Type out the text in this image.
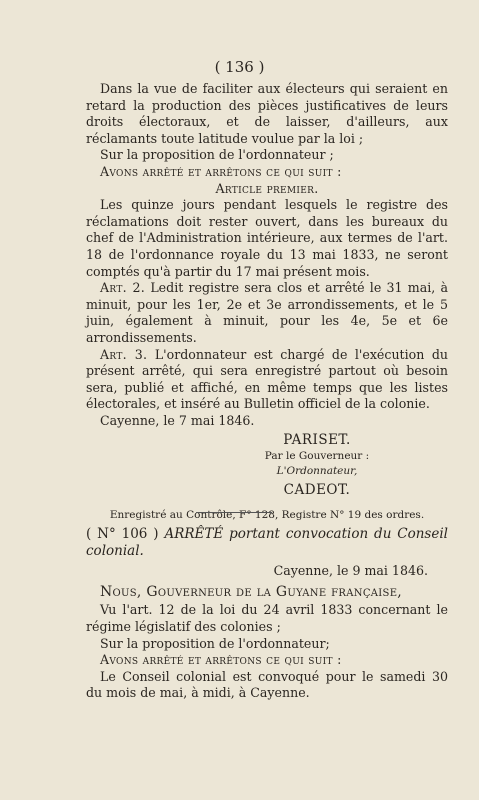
( 136 )

Dans la vue de faciliter aux électeurs qui seraient en retard la production des pièces justificatives de leurs droits électoraux, et de laisser, d'ailleurs, aux réclamants toute latitude voulue par la loi ;

Sur la proposition de l'ordonnateur ;

Avons arrêté et arrêtons ce qui suit :

Article premier.

Les quinze jours pendant lesquels le registre des réclamations doit rester ouvert, dans les bureaux du chef de l'Administration intérieure, aux termes de l'art. 18 de l'ordonnance royale du 13 mai 1833, ne seront comptés qu'à partir du 17 mai présent mois.

Art. 2. Ledit registre sera clos et arrêté le 31 mai, à minuit, pour les 1er, 2e et 3e arrondissements, et le 5 juin, également à minuit, pour les 4e, 5e et 6e arrondissements.

Art. 3. L'ordonnateur est chargé de l'exécution du présent arrêté, qui sera enregistré partout où besoin sera, publié et affiché, en même temps que les listes électorales, et inséré au Bulletin officiel de la colonie.

Cayenne, le 7 mai 1846.

PARISET.
Par le Gouverneur :
L'Ordonnateur,
CADEOT.
Enregistré au Contrôle, F° 128, Registre N° 19 des ordres.

( N° 106 ) ARRÊTÉ portant convocation du Conseil colonial.

Cayenne, le 9 mai 1846.

Nous, Gouverneur de la Guyane française,

Vu l'art. 12 de la loi du 24 avril 1833 concernant le régime législatif des colonies ;

Sur la proposition de l'ordonnateur;

Avons arrêté et arrêtons ce qui suit :

Le Conseil colonial est convoqué pour le samedi 30 du mois de mai, à midi, à Cayenne.
